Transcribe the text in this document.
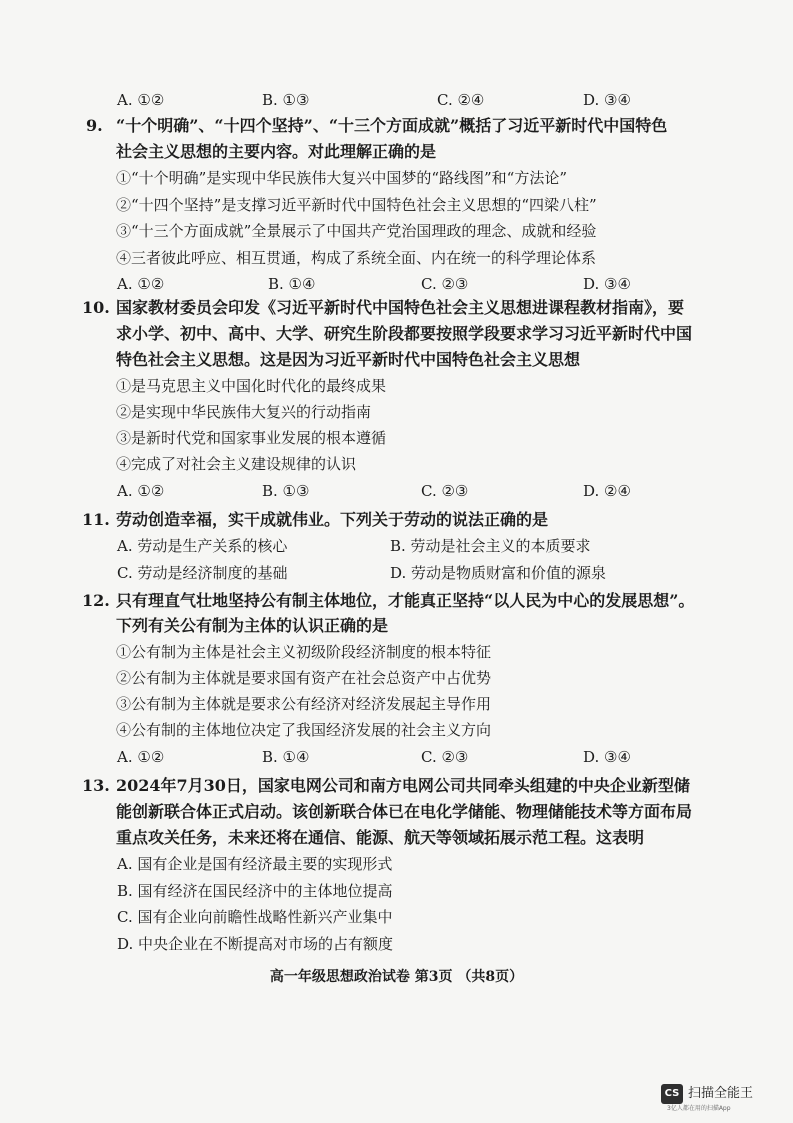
A. ①②	B. ①③	C. ②④	D. ③④
9. “十个明确”、“十四个坚持”、“十三个方面成就”概括了习近平新时代中国特色
社会主义思想的主要内容。对此理解正确的是
①“十个明确”是实现中华民族伟大复兴中国梦的“路线图”和“方法论”
②“十四个坚持”是支撑习近平新时代中国特色社会主义思想的“四梁八柱”
③“十三个方面成就”全景展示了中国共产党治国理政的理念、成就和经验
④三者彼此呼应、相互贯通，构成了系统全面、内在统一的科学理论体系
A. ①②	B. ①④	C. ②③	D. ③④
10. 国家教材委员会印发《习近平新时代中国特色社会主义思想进课程教材指南》，要
求小学、初中、高中、大学、研究生阶段都要按照学段要求学习习近平新时代中国
特色社会主义思想。这是因为习近平新时代中国特色社会主义思想
①是马克思主义中国化时代化的最终成果
②是实现中华民族伟大复兴的行动指南
③是新时代党和国家事业发展的根本遵循
④完成了对社会主义建设规律的认识
A. ①②	B. ①③	C. ②③	D. ②④
11. 劳动创造幸福，实干成就伟业。下列关于劳动的说法正确的是
A. 劳动是生产关系的核心	B. 劳动是社会主义的本质要求
C. 劳动是经济制度的基础	D. 劳动是物质财富和价值的源泉
12. 只有理直气壮地坚持公有制主体地位，才能真正坚持“以人民为中心的发展思想”。
下列有关公有制为主体的认识正确的是
①公有制为主体是社会主义初级阶段经济制度的根本特征
②公有制为主体就是要求国有资产在社会总资产中占优势
③公有制为主体就是要求公有经济对经济发展起主导作用
④公有制的主体地位决定了我国经济发展的社会主义方向
A. ①②	B. ①④	C. ②③	D. ③④
13. 2024年7月30日，国家电网公司和南方电网公司共同牵头组建的中央企业新型储
能创新联合体正式启动。该创新联合体已在电化学储能、物理储能技术等方面布局
重点攻关任务，未来还将在通信、能源、航天等领域拓展示范工程。这表明
A. 国有企业是国有经济最主要的实现形式
B. 国有经济在国民经济中的主体地位提高
C. 国有企业向前瞻性战略性新兴产业集中
D. 中央企业在不断提高对市场的占有额度
高一年级思想政治试卷 第3页 （共8页）
CS 扫描全能王
3亿人都在用的扫描App
